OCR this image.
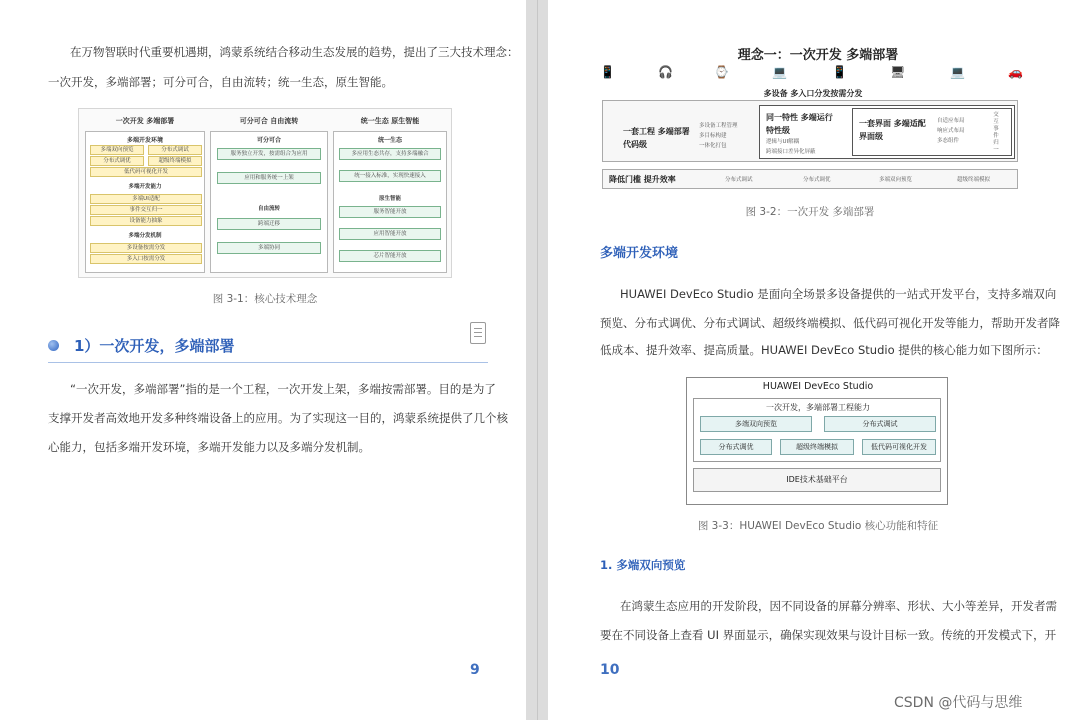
在万物智联时代重要机遇期，鸿蒙系统结合移动生态发展的趋势，提出了三大技术理念：
一次开发，多端部署；可分可合，自由流转；统一生态，原生智能。
一次开发 多端部署
多端开发环境
多端双向预览	分布式调试
分布式调优	超级终端模拟
低代码可视化开发
多端开发能力
多端UI适配
事件交互归一
设备能力抽象
多端分发机制
多设备按需分发
多入口按需分发
可分可合 自由流转
可分可合
服务独立开发，按需组合为应用
应用和服务统一上架
自由流转
跨端迁移
多端协同
统一生态 原生智能
统一生态
多应用生态共存，支持多端融合
统一接入标准，实现快速接入
原生智能
服务智能开放
应用智能开放
芯片智能开放
图 3-1：核心技术理念
1）一次开发，多端部署
“一次开发，多端部署”指的是一个工程，一次开发上架，多端按需部署。目的是为了
支撑开发者高效地开发多种终端设备上的应用。为了实现这一目的，鸿蒙系统提供了几个核
心能力，包括多端开发环境，多端开发能力以及多端分发机制。
9
理念一：一次开发 多端部署
📱	🎧	⌚	💻	📱	🖥	💻	🚗
多设备 多入口分发按需分发
一套工程 多端部署
代码级
多设备工程管理
多目标构建
一体化打包
同一特性 多端运行
特性级
逻辑与UI解耦
跨端接口差异化屏蔽
一套界面 多端适配
界面级
自适应布局
响应式布局
多态组件
交互事件归一
降低门槛 提升效率	分布式调试	分布式调优	多端双向预览	超级终端模拟
图 3-2：一次开发 多端部署
多端开发环境
HUAWEI DevEco Studio 是面向全场景多设备提供的一站式开发平台，支持多端双向
预览、分布式调优、分布式调试、超级终端模拟、低代码可视化开发等能力，帮助开发者降
低成本、提升效率、提高质量。HUAWEI DevEco Studio 提供的核心能力如下图所示：
HUAWEI DevEco Studio
一次开发，多端部署工程能力
多端双向预览	分布式调试
分布式调优	超级终端模拟	低代码可视化开发
IDE技术基础平台
图 3-3：HUAWEI DevEco Studio 核心功能和特征
1. 多端双向预览
在鸿蒙生态应用的开发阶段，因不同设备的屏幕分辨率、形状、大小等差异，开发者需
要在不同设备上查看 UI 界面显示，确保实现效果与设计目标一致。传统的开发模式下，开
10
CSDN @代码与思维
